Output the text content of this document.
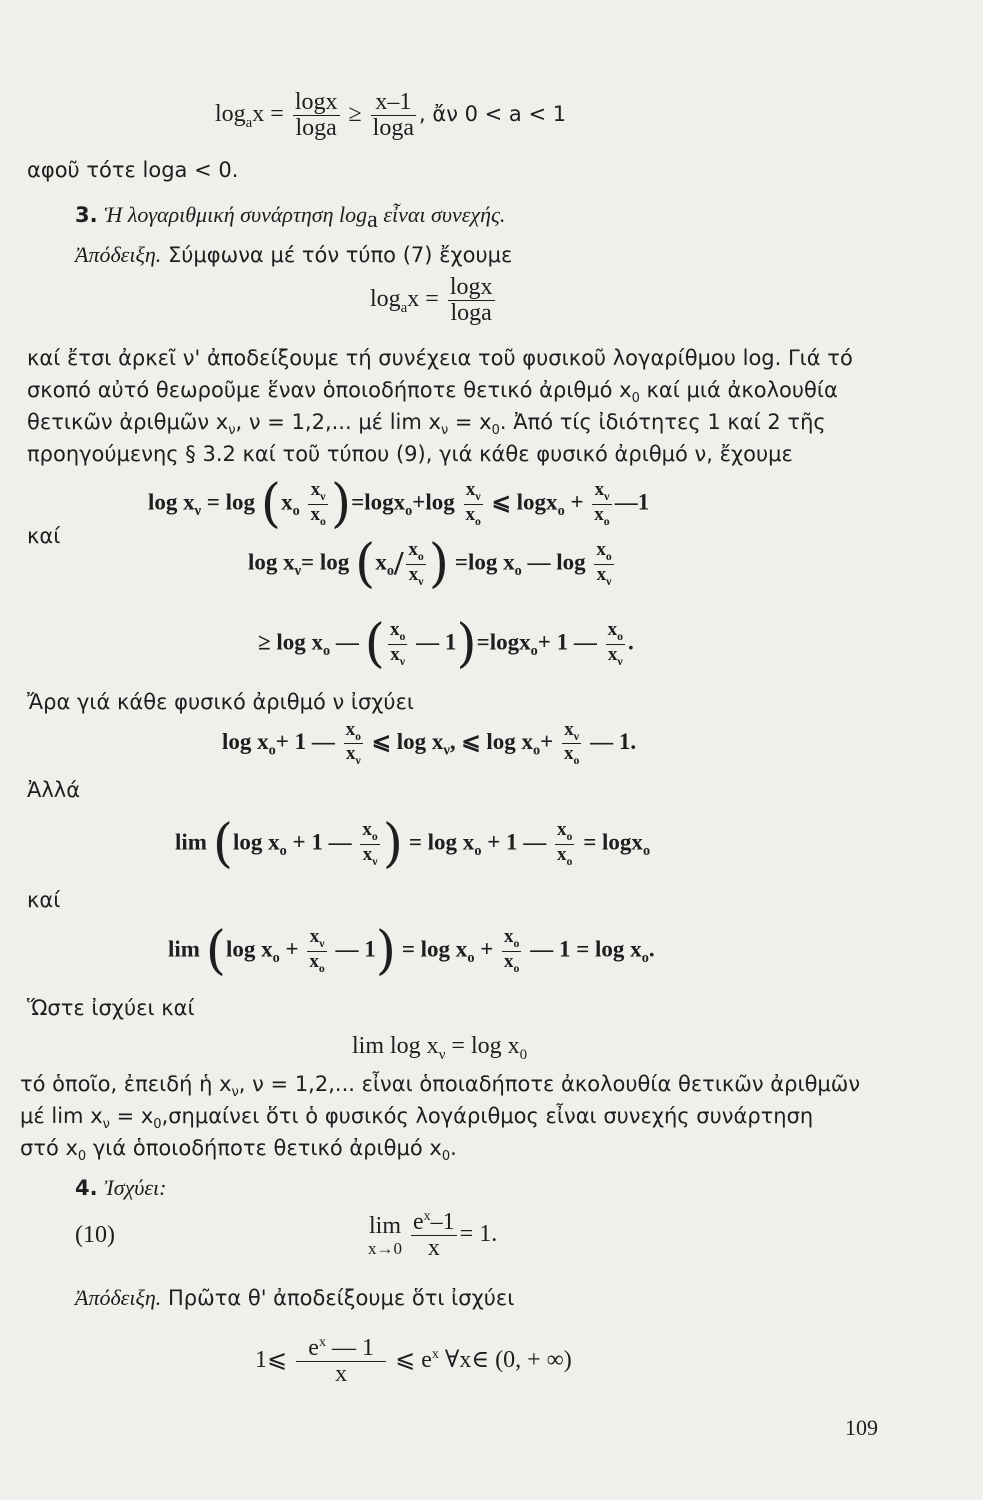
$\log_ax = \frac{\log x}{\log a} \ge \frac{x-1}{\log a}$ , ἄν 0 < a < 1
αφοῦ τότε loga < 0.
3. Ἡ λογαριθμική συνάρτηση $\log_a$ εἶναι συνεχής.
Ἀπόδειξη. Σύμφωνα μέ τόν τύπο (7) ἔχουμε
$\log_ax = \frac{\log x}{\log a}$
καί ἔτσι ἀρκεῖ ν' ἀποδείξουμε τή συνέχεια τοῦ φυσικοῦ λογαρίθμου log. Γιά τό
σκοπό αὐτό θεωροῦμε ἕναν ὁποιοδήποτε θετικό ἀριθμό $x_0$ καί μιά ἀκολουθία
θετικῶν ἀριθμῶν $x_\nu$, ν = 1,2,... μέ $\lim x_\nu = x_0$. Ἀπό τίς ἰδιότητες 1 καί 2 τῆς
προηγούμενης § 3.2 καί τοῦ τύπου (9), γιά κάθε φυσικό ἀριθμό ν, ἔχουμε
$\log x_\nu = \log (x_o \frac{x_\nu}{x_o} )=\log x_o+\log \frac{x_\nu}{x_o}$ ⩽ $\log x_o + \frac{x_\nu}{x_o}$ —1
καί
$\log x_\nu= \log (x_o/ \frac{x_o}{x_\nu}$ ) =log $x_o$ — $\log \frac{x_o}{x_\nu}$
≥ $\log x_o$ — ( $\frac{x_o}{x_\nu}$ — 1)=logx$_o$+ 1 — $\frac{x_o}{x_\nu}$ .
Ἄρα γιά κάθε φυσικό ἀριθμό ν ἰσχύει
$\log x_o+ 1$ — $\frac{x_o}{x_\nu}$ ⩽ $\log x_\nu$, ⩽ $\log x_o+ \frac{x_\nu}{x_o}$ — 1.
Ἀλλά
lim (log $x_o + 1$ — $\frac{x_o}{x_\nu}$ ) = $\log x_o + 1$ — $\frac{x_o}{x_o} = \log x_o$
καί
lim (log $x_o + \frac{x_\nu}{x_o}$ — $1) = \log x_o + \frac{x_o}{x_o}$ — $1 = \log x_o$.
Ὥστε ἰσχύει καί
$\lim \log x_\nu = \log x_0$
τό ὁποῖο, ἐπειδή ἡ $x_\nu$, ν = 1,2,... εἶναι ὁποιαδήποτε ἀκολουθία θετικῶν ἀριθμῶν
μέ $\lim x_\nu = x_0,\sigma\eta\mu\alpha ί\nu\varepsilon\iota$ ὅτι ὁ φυσικός λογάριθμος εἶναι συνεχής συνάρτηση
στό $x_0$ γιά ὁποιοδήποτε θετικό ἀριθμό $x_0$.
4. Ἰσχύει:
(10)	lim
x→0
$\frac{e^x-1}{x} = 1$.
Ἀπόδειξη. Πρῶτα θ' ἀποδείξουμε ὅτι ἰσχύει
1⩽ $\frac{e^x — 1}{x}$ ⩽ $e^x$ ∀x∈ (0, + ∞)
109
